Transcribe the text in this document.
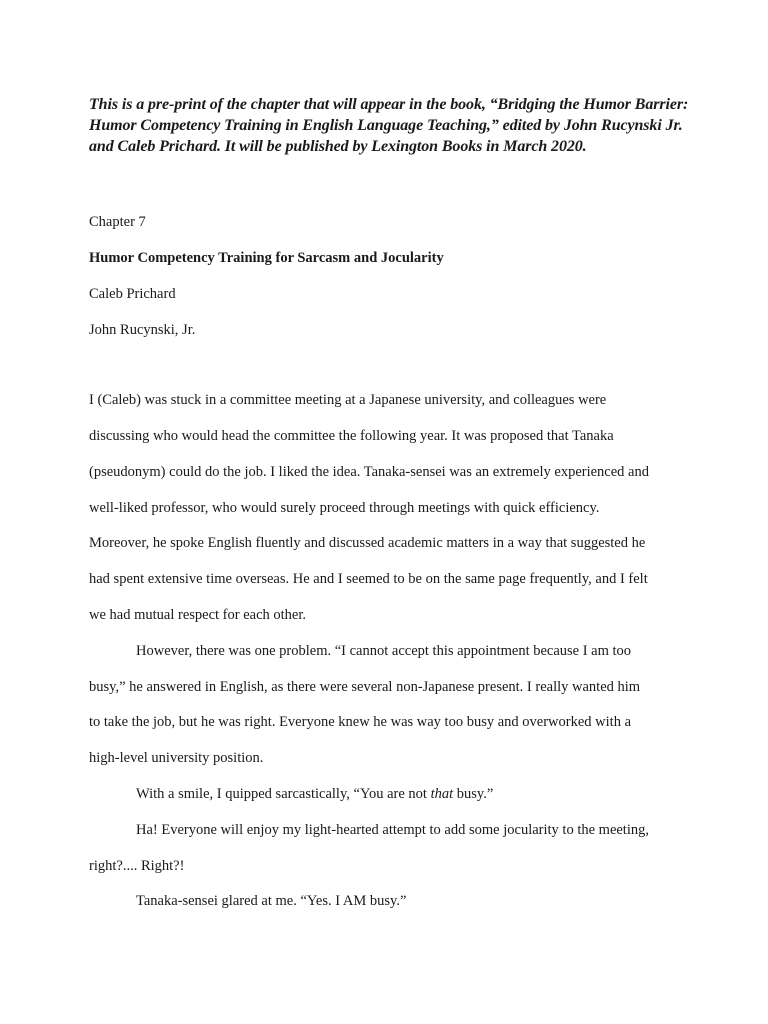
This is a pre-print of the chapter that will appear in the book, “Bridging the Humor Barrier: Humor Competency Training in English Language Teaching,” edited by John Rucynski Jr. and Caleb Prichard. It will be published by Lexington Books in March 2020.
Chapter 7
Humor Competency Training for Sarcasm and Jocularity
Caleb Prichard
John Rucynski, Jr.
I (Caleb) was stuck in a committee meeting at a Japanese university, and colleagues were
discussing who would head the committee the following year. It was proposed that Tanaka
(pseudonym) could do the job. I liked the idea. Tanaka-sensei was an extremely experienced and
well-liked professor, who would surely proceed through meetings with quick efficiency.
Moreover, he spoke English fluently and discussed academic matters in a way that suggested he
had spent extensive time overseas. He and I seemed to be on the same page frequently, and I felt
we had mutual respect for each other.
However, there was one problem. “I cannot accept this appointment because I am too
busy,” he answered in English, as there were several non-Japanese present. I really wanted him
to take the job, but he was right. Everyone knew he was way too busy and overworked with a
high-level university position.
With a smile, I quipped sarcastically, “You are not that busy.”
Ha! Everyone will enjoy my light-hearted attempt to add some jocularity to the meeting,
right?.... Right?!
Tanaka-sensei glared at me. “Yes. I AM busy.”
